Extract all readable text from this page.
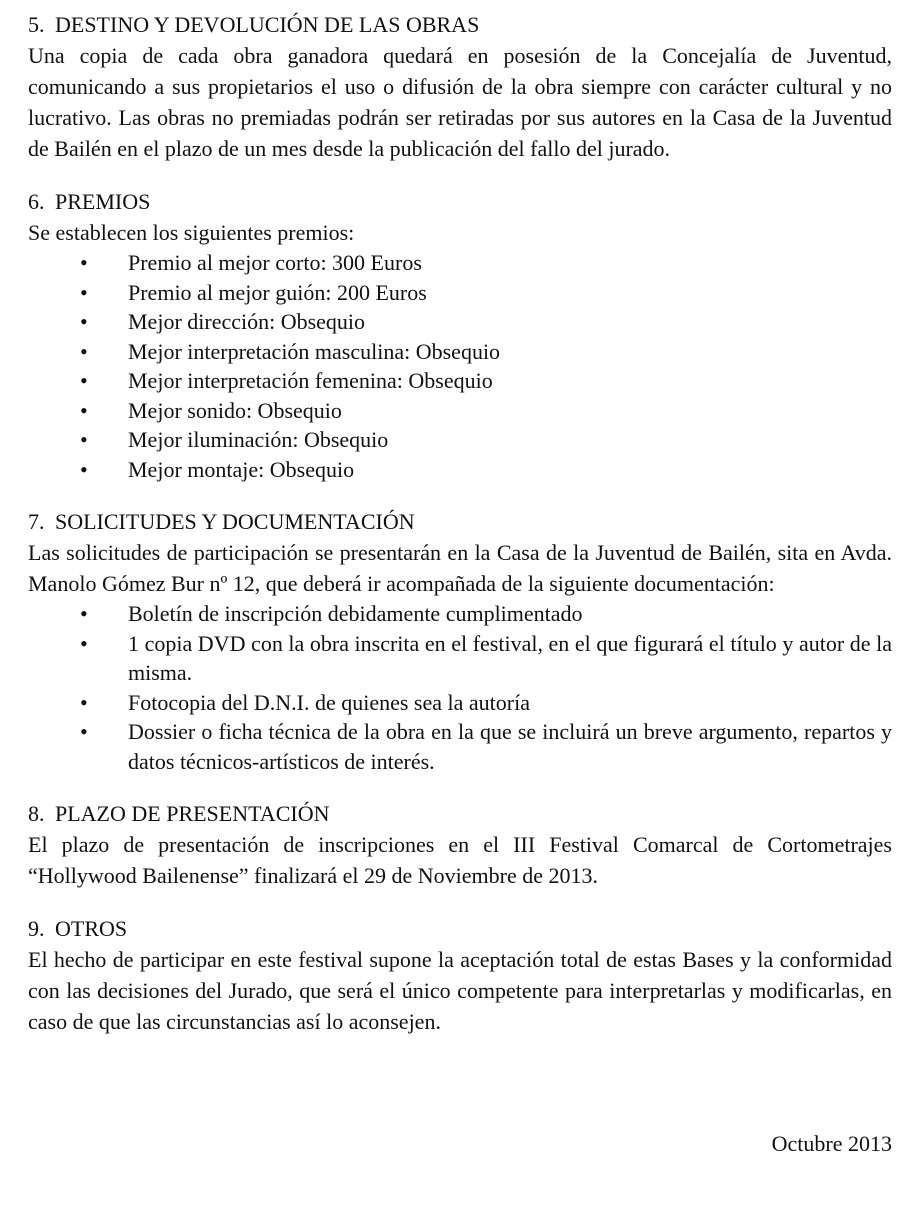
5. DESTINO Y DEVOLUCIÓN DE LAS OBRAS

Una copia de cada obra ganadora quedará en posesión de la Concejalía de Juventud, comunicando a sus propietarios el uso o difusión de la obra siempre con carácter cultural y no lucrativo. Las obras no premiadas podrán ser retiradas por sus autores en la Casa de la Juventud de Bailén en el plazo de un mes desde la publicación del fallo del jurado.

6. PREMIOS

Se establecen los siguientes premios:

• Premio al mejor corto: 300 Euros
• Premio al mejor guión: 200 Euros
• Mejor dirección: Obsequio
• Mejor interpretación masculina: Obsequio
• Mejor interpretación femenina: Obsequio
• Mejor sonido: Obsequio
• Mejor iluminación: Obsequio
• Mejor montaje: Obsequio
7. SOLICITUDES Y DOCUMENTACIÓN

Las solicitudes de participación se presentarán en la Casa de la Juventud de Bailén, sita en Avda. Manolo Gómez Bur nº 12, que deberá ir acompañada de la siguiente documentación:

• Boletín de inscripción debidamente cumplimentado
• 1 copia DVD con la obra inscrita en el festival, en el que figurará el título y autor de la misma.
• Fotocopia del D.N.I. de quienes sea la autoría
• Dossier o ficha técnica de la obra en la que se incluirá un breve argumento, repartos y datos técnicos-artísticos de interés.
8. PLAZO DE PRESENTACIÓN

El plazo de presentación de inscripciones en el III Festival Comarcal de Cortometrajes “Hollywood Bailenense” finalizará el 29 de Noviembre de 2013.

9. OTROS

El hecho de participar en este festival supone la aceptación total de estas Bases y la conformidad con las decisiones del Jurado, que será el único competente para interpretarlas y modificarlas, en caso de que las circunstancias así lo aconsejen.

Octubre 2013
